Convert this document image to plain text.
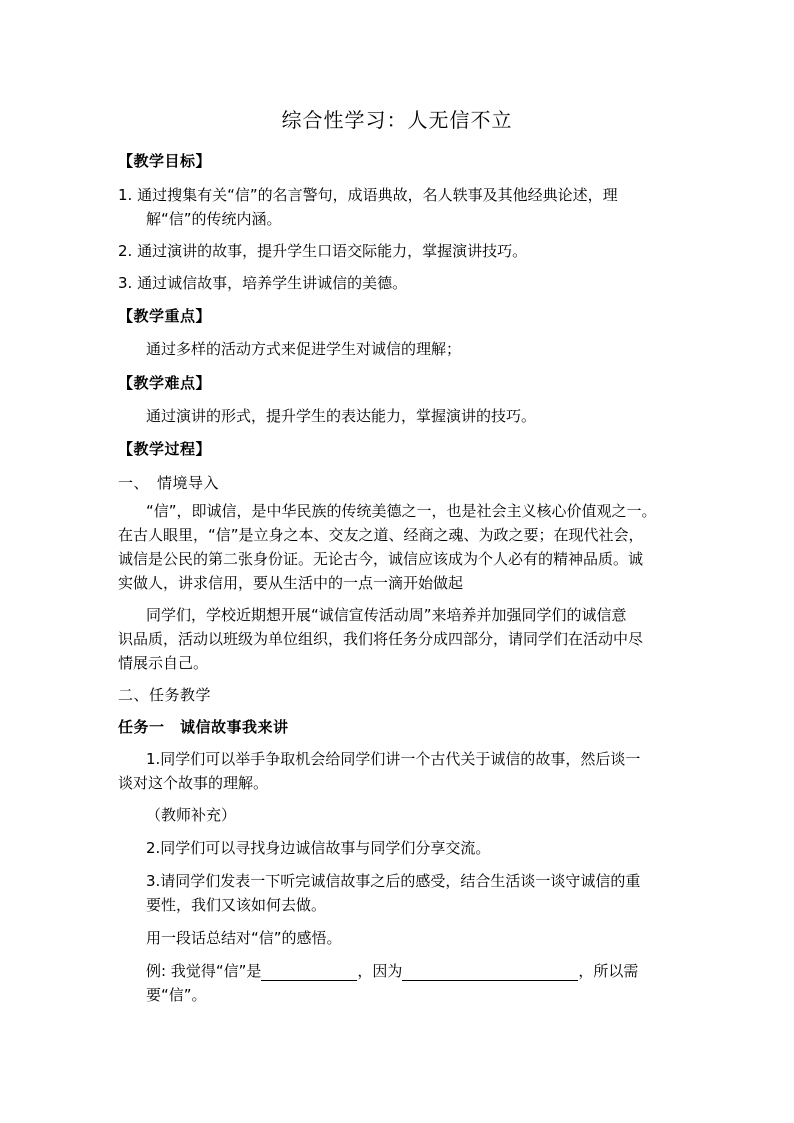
综合性学习：人无信不立
【教学目标】
1. 通过搜集有关“信”的名言警句，成语典故，名人轶事及其他经典论述，理
解“信”的传统内涵。
2. 通过演讲的故事，提升学生口语交际能力，掌握演讲技巧。
3. 通过诚信故事，培养学生讲诚信的美德。
【教学重点】
通过多样的活动方式来促进学生对诚信的理解；
【教学难点】
通过演讲的形式，提升学生的表达能力，掌握演讲的技巧。
【教学过程】
一、　情境导入
“信”，即诚信，是中华民族的传统美德之一，也是社会主义核心价值观之一。
在古人眼里，“信”是立身之本、交友之道、经商之魂、为政之要；在现代社会，
诚信是公民的第二张身份证。无论古今，诚信应该成为个人必有的精神品质。诚
实做人，讲求信用，要从生活中的一点一滴开始做起
同学们，学校近期想开展“诚信宣传活动周”来培养并加强同学们的诚信意
识品质，活动以班级为单位组织，我们将任务分成四部分，请同学们在活动中尽
情展示自己。
二、任务教学
任务一　诚信故事我来讲
1.同学们可以举手争取机会给同学们讲一个古代关于诚信的故事，然后谈一
谈对这个故事的理解。
（教师补充）
2.同学们可以寻找身边诚信故事与同学们分享交流。
3.请同学们发表一下听完诚信故事之后的感受，结合生活谈一谈守诚信的重
要性，我们又该如何去做。
用一段话总结对“信”的感悟。
例: 我觉得“信”是	，因为	，所以需
要“信”。
